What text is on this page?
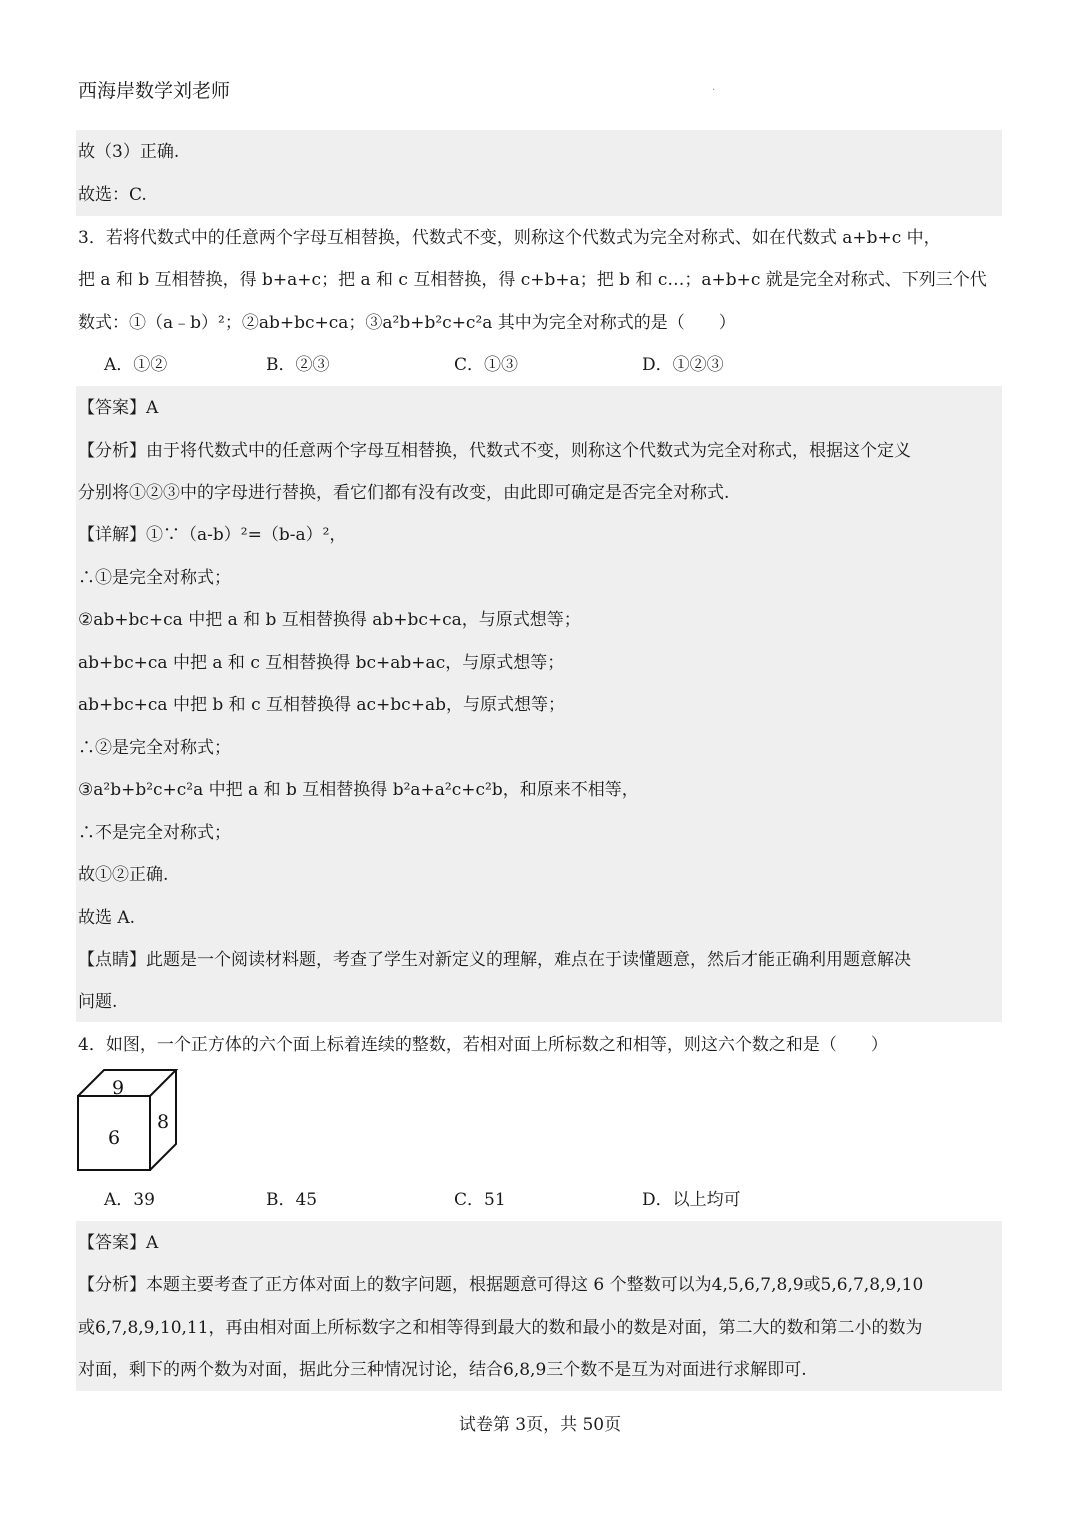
西海岸数学刘老师	.
故（3）正确.
故选：C.
3．若将代数式中的任意两个字母互相替换，代数式不变，则称这个代数式为完全对称式、如在代数式 a+b+c 中，
把 a 和 b 互相替换，得 b+a+c；把 a 和 c 互相替换，得 c+b+a；把 b 和 c…；a+b+c 就是完全对称式、下列三个代
数式：①（a﹣b）²；②ab+bc+ca；③a²b+b²c+c²a 其中为完全对称式的是（　　）
A．①②	B．②③	C．①③	D．①②③
【答案】A
【分析】由于将代数式中的任意两个字母互相替换，代数式不变，则称这个代数式为完全对称式，根据这个定义
分别将①②③中的字母进行替换，看它们都有没有改变，由此即可确定是否完全对称式.
【详解】①∵（a-b）²=（b-a）²，
∴①是完全对称式；
②ab+bc+ca 中把 a 和 b 互相替换得 ab+bc+ca，与原式想等；
ab+bc+ca 中把 a 和 c 互相替换得 bc+ab+ac，与原式想等；
ab+bc+ca 中把 b 和 c 互相替换得 ac+bc+ab，与原式想等；
∴②是完全对称式；
③a²b+b²c+c²a 中把 a 和 b 互相替换得 b²a+a²c+c²b，和原来不相等，
∴不是完全对称式；
故①②正确.
故选 A.
【点睛】此题是一个阅读材料题，考查了学生对新定义的理解，难点在于读懂题意，然后才能正确利用题意解决
问题.
4．如图，一个正方体的六个面上标着连续的整数，若相对面上所标数之和相等，则这六个数之和是（　　）
9
6
8
A．39	B．45	C．51	D．以上均可
【答案】A
【分析】本题主要考查了正方体对面上的数字问题，根据题意可得这 6 个整数可以为4,5,6,7,8,9或5,6,7,8,9,10
或6,7,8,9,10,11，再由相对面上所标数字之和相等得到最大的数和最小的数是对面，第二大的数和第二小的数为
对面，剩下的两个数为对面，据此分三种情况讨论，结合6,8,9三个数不是互为对面进行求解即可.
试卷第 3页，共 50页
